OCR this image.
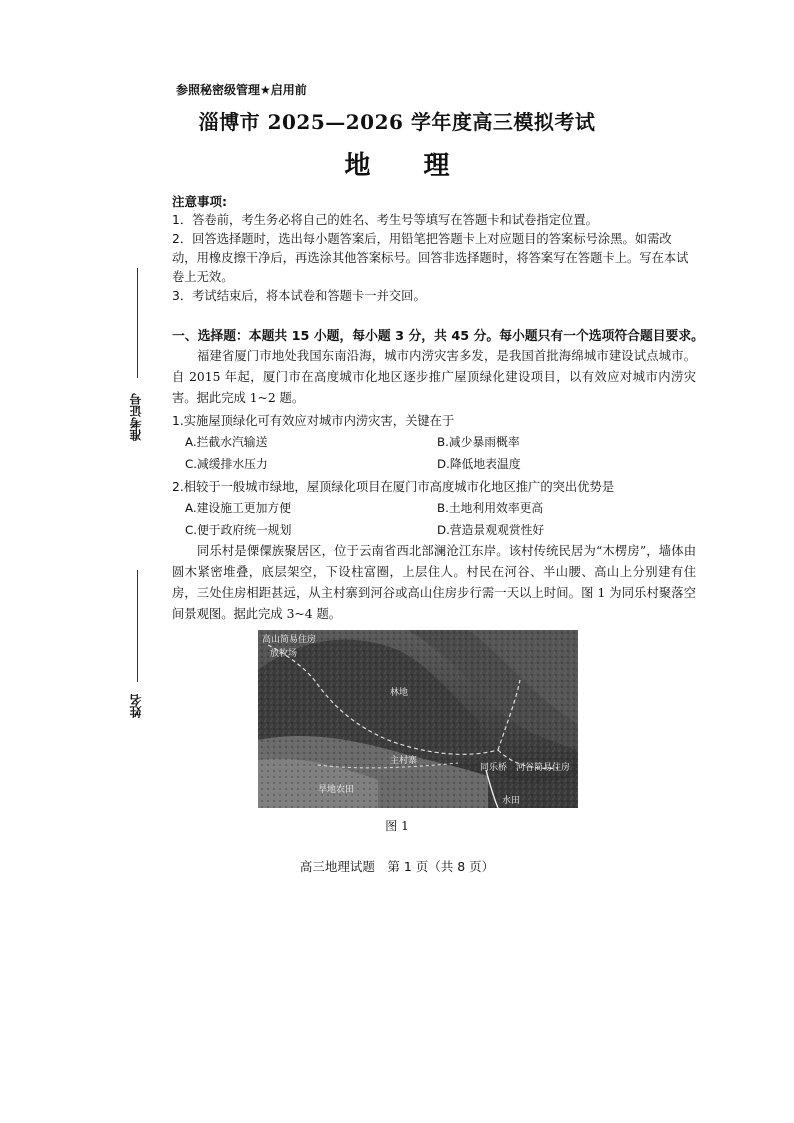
参照秘密级管理★启用前
淄博市 2025—2026 学年度高三模拟考试
地 理
准考证号
姓名

注意事项:

1．答卷前，考生务必将自己的姓名、考生号等填写在答题卡和试卷指定位置。

2．回答选择题时，选出每小题答案后，用铅笔把答题卡上对应题目的答案标号涂黑。如需改动，用橡皮擦干净后，再选涂其他答案标号。回答非选择题时，将答案写在答题卡上。写在本试卷上无效。

3．考试结束后，将本试卷和答题卡一并交回。

一、选择题：本题共 15 小题，每小题 3 分，共 45 分。每小题只有一个选项符合题目要求。

福建省厦门市地处我国东南沿海，城市内涝灾害多发，是我国首批海绵城市建设试点城市。自 2015 年起，厦门市在高度城市化地区逐步推广屋顶绿化建设项目，以有效应对城市内涝灾害。据此完成 1~2 题。

1.实施屋顶绿化可有效应对城市内涝灾害，关键在于
A.拦截水汽输送	B.减少暴雨概率
C.减缓排水压力	D.降低地表温度
2.相较于一般城市绿地，屋顶绿化项目在厦门市高度城市化地区推广的突出优势是
A.建设施工更加方便	B.土地利用效率更高
C.便于政府统一规划	D.营造景观观赏性好

同乐村是傈僳族聚居区，位于云南省西北部澜沧江东岸。该村传统民居为“木楞房”，墙体由圆木紧密堆叠，底层架空，下设柱富圈，上层住人。村民在河谷、半山腰、高山上分别建有住房，三处住房相距甚远，从主村寨到河谷或高山住房步行需一天以上时间。图 1 为同乐村聚落空间景观图。据此完成 3~4 题。

高山简易住房
放牧场
林地
主村寨
旱地农田
同乐桥 河谷简易住房
水田
图 1
高三地理试题　第 1 页（共 8 页）
